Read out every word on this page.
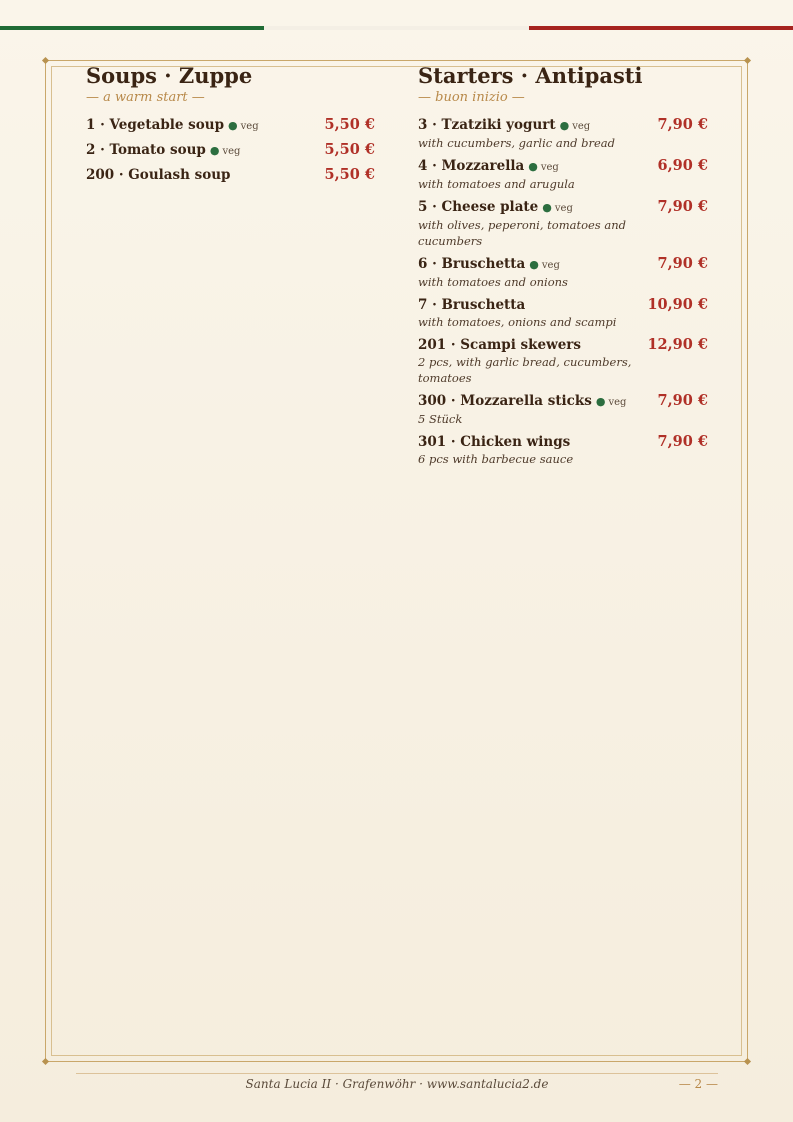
Soups · Zuppe

— a warm start —

1 · Vegetable soup ● veg	5,50 €
2 · Tomato soup ● veg	5,50 €
200 · Goulash soup	5,50 €
Starters · Antipasti

— buon inizio —

3 · Tzatziki yogurt ● veg	7,90 €
with cucumbers, garlic and bread
4 · Mozzarella ● veg	6,90 €
with tomatoes and arugula
5 · Cheese plate ● veg	7,90 €
with olives, peperoni, tomatoes and cucumbers
6 · Bruschetta ● veg	7,90 €
with tomatoes and onions
7 · Bruschetta	10,90 €
with tomatoes, onions and scampi
201 · Scampi skewers	12,90 €
2 pcs, with garlic bread, cucumbers, tomatoes
300 · Mozzarella sticks ● veg 7,90 €
5 Stück
301 · Chicken wings	7,90 €
6 pcs with barbecue sauce
Santa Lucia II · Grafenwöhr · www.santalucia2.de	— 2 —
